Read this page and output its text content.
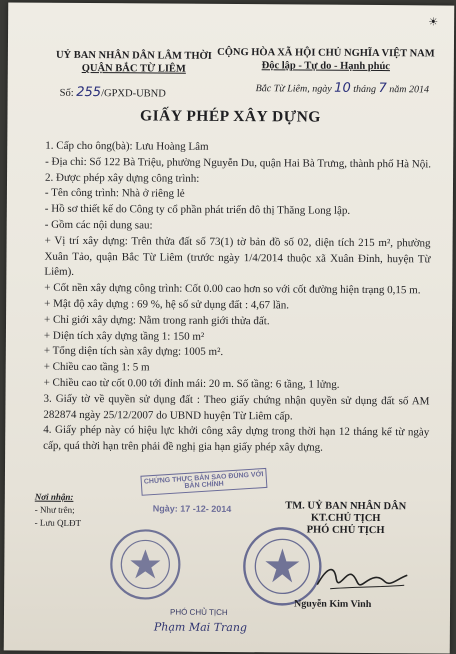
☀
UỶ BAN NHÂN DÂN LÂM THỜI
QUẬN BẮC TỪ LIÊM
CỘNG HÒA XÃ HỘI CHỦ NGHĨA VIỆT NAM
Độc lập - Tự do - Hạnh phúc
Số: 255/GPXD-UBND	Bắc Từ Liêm, ngày 10 tháng 7 năm 2014
GIẤY PHÉP XÂY DỰNG

1. Cấp cho ông(bà): Lưu Hoàng Lâm

- Địa chỉ: Số 122 Bà Triệu, phường Nguyễn Du, quận Hai Bà Trưng, thành phố Hà Nội.

2. Được phép xây dựng công trình:

- Tên công trình: Nhà ở riêng lẻ

- Hồ sơ thiết kế do Công ty cổ phần phát triển đô thị Thăng Long lập.

- Gồm các nội dung sau:

+ Vị trí xây dựng: Trên thửa đất số 73(1) tờ bản đồ số 02, diện tích 215 m², phường Xuân Tảo, quận Bắc Từ Liêm (trước ngày 1/4/2014 thuộc xã Xuân Đỉnh, huyện Từ Liêm).

+ Cốt nền xây dựng công trình: Cốt 0.00 cao hơn so với cốt đường hiện trạng 0,15 m.

+ Mật độ xây dựng : 69 %, hệ số sử dụng đất : 4,67 lần.

+ Chỉ giới xây dựng: Nằm trong ranh giới thửa đất.

+ Diện tích xây dựng tầng 1: 150 m²

+ Tổng diện tích sàn xây dựng: 1005 m².

+ Chiều cao tầng 1: 5 m

+ Chiều cao từ cốt 0.00 tới đỉnh mái: 20 m. Số tầng: 6 tầng, 1 lửng.

3. Giấy tờ về quyền sử dụng đất : Theo giấy chứng nhận quyền sử dụng đất số AM 282874 ngày 25/12/2007 do UBND huyện Từ Liêm cấp.

4. Giấy phép này có hiệu lực khởi công xây dựng trong thời hạn 12 tháng kể từ ngày cấp, quá thời hạn trên phải đề nghị gia hạn giấy phép xây dựng.

Nơi nhận:
- Như trên;
- Lưu QLĐT
CHỨNG THỰC BẢN SAO ĐÚNG VỚI BẢN CHÍNH
Ngày: 17 -12- 2014	TM. UỶ BAN NHÂN DÂN
KT.CHỦ TỊCH
PHÓ CHỦ TỊCH
Nguyễn Kim Vinh
PHÓ CHỦ TỊCH
Phạm Mai Trang
